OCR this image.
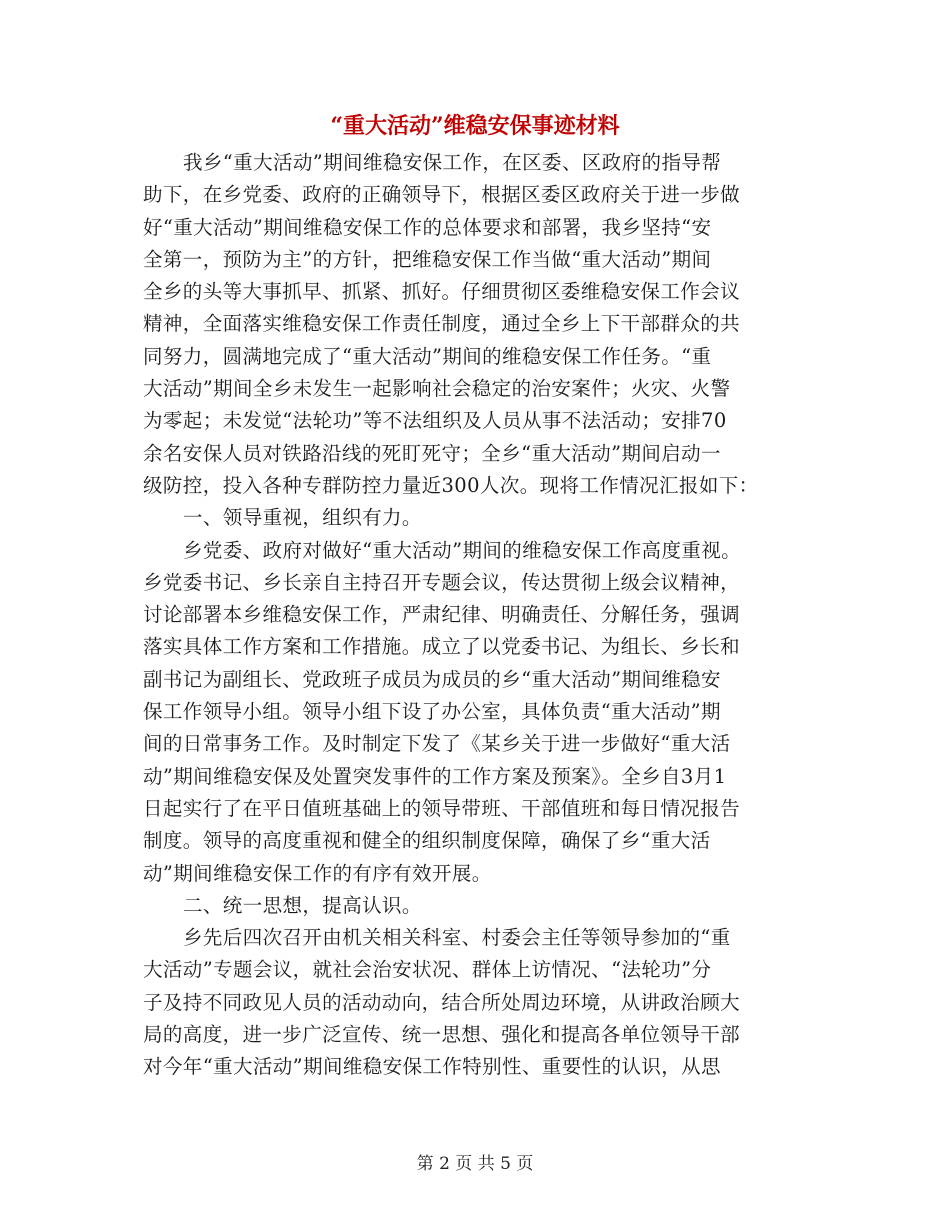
“重大活动”维稳安保事迹材料

我乡“重大活动”期间维稳安保工作，在区委、区政府的指导帮
助下，在乡党委、政府的正确领导下，根据区委区政府关于进一步做
好“重大活动”期间维稳安保工作的总体要求和部署，我乡坚持“安
全第一，预防为主”的方针，把维稳安保工作当做“重大活动”期间
全乡的头等大事抓早、抓紧、抓好。仔细贯彻区委维稳安保工作会议
精神，全面落实维稳安保工作责任制度，通过全乡上下干部群众的共
同努力，圆满地完成了“重大活动”期间的维稳安保工作任务。“重
大活动”期间全乡未发生一起影响社会稳定的治安案件；火灾、火警
为零起；未发觉“法轮功”等不法组织及人员从事不法活动；安排70
余名安保人员对铁路沿线的死盯死守；全乡“重大活动”期间启动一
级防控，投入各种专群防控力量近300人次。现将工作情况汇报如下：

一、领导重视，组织有力。

乡党委、政府对做好“重大活动”期间的维稳安保工作高度重视。
乡党委书记、乡长亲自主持召开专题会议，传达贯彻上级会议精神，
讨论部署本乡维稳安保工作，严肃纪律、明确责任、分解任务，强调
落实具体工作方案和工作措施。成立了以党委书记、为组长、乡长和
副书记为副组长、党政班子成员为成员的乡“重大活动”期间维稳安
保工作领导小组。领导小组下设了办公室，具体负责“重大活动”期
间的日常事务工作。及时制定下发了《某乡关于进一步做好“重大活
动”期间维稳安保及处置突发事件的工作方案及预案》。全乡自3月1
日起实行了在平日值班基础上的领导带班、干部值班和每日情况报告
制度。领导的高度重视和健全的组织制度保障，确保了乡“重大活
动”期间维稳安保工作的有序有效开展。

二、统一思想，提高认识。

乡先后四次召开由机关相关科室、村委会主任等领导参加的“重
大活动”专题会议，就社会治安状况、群体上访情况、“法轮功”分
子及持不同政见人员的活动动向，结合所处周边环境，从讲政治顾大
局的高度，进一步广泛宣传、统一思想、强化和提高各单位领导干部
对今年“重大活动”期间维稳安保工作特别性、重要性的认识，从思

第 2 页 共 5 页
